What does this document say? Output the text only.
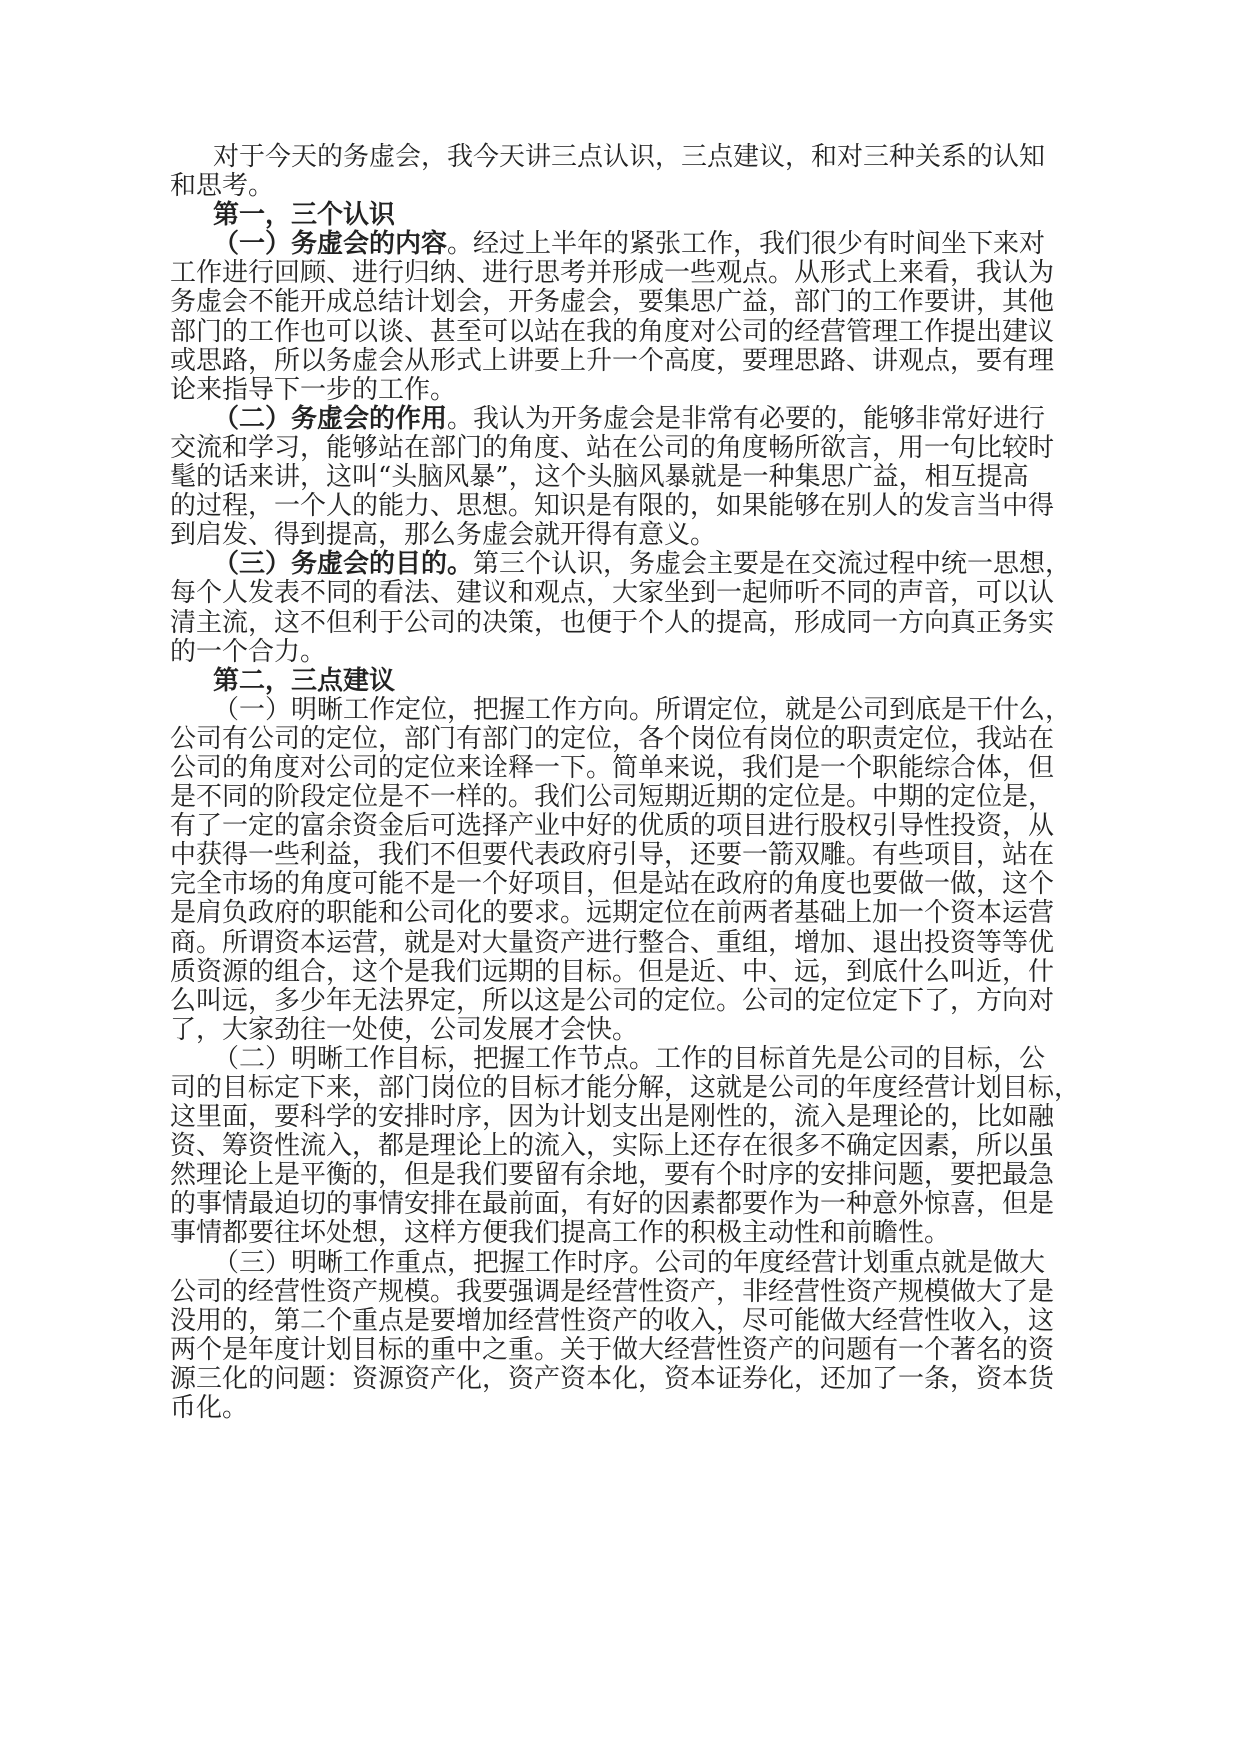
对于今天的务虚会，我今天讲三点认识，三点建议，和对三种关系的认知
和思考。
第一，三个认识
（一）务虚会的内容。经过上半年的紧张工作，我们很少有时间坐下来对
工作进行回顾、进行归纳、进行思考并形成一些观点。从形式上来看，我认为
务虚会不能开成总结计划会，开务虚会，要集思广益，部门的工作要讲，其他
部门的工作也可以谈、甚至可以站在我的角度对公司的经营管理工作提出建议
或思路，所以务虚会从形式上讲要上升一个高度，要理思路、讲观点，要有理
论来指导下一步的工作。
（二）务虚会的作用。我认为开务虚会是非常有必要的，能够非常好进行
交流和学习，能够站在部门的角度、站在公司的角度畅所欲言，用一句比较时
髦的话来讲，这叫“头脑风暴”，这个头脑风暴就是一种集思广益，相互提高
的过程，一个人的能力、思想。知识是有限的，如果能够在别人的发言当中得
到启发、得到提高，那么务虚会就开得有意义。
（三）务虚会的目的。第三个认识，务虚会主要是在交流过程中统一思想，
每个人发表不同的看法、建议和观点，大家坐到一起师听不同的声音，可以认
清主流，这不但利于公司的决策，也便于个人的提高，形成同一方向真正务实
的一个合力。
第二，三点建议
（一）明晰工作定位，把握工作方向。所谓定位，就是公司到底是干什么，
公司有公司的定位，部门有部门的定位，各个岗位有岗位的职责定位，我站在
公司的角度对公司的定位来诠释一下。简单来说，我们是一个职能综合体，但
是不同的阶段定位是不一样的。我们公司短期近期的定位是。中期的定位是，
有了一定的富余资金后可选择产业中好的优质的项目进行股权引导性投资，从
中获得一些利益，我们不但要代表政府引导，还要一箭双雕。有些项目，站在
完全市场的角度可能不是一个好项目，但是站在政府的角度也要做一做，这个
是肩负政府的职能和公司化的要求。远期定位在前两者基础上加一个资本运营
商。所谓资本运营，就是对大量资产进行整合、重组，增加、退出投资等等优
质资源的组合，这个是我们远期的目标。但是近、中、远，到底什么叫近，什
么叫远，多少年无法界定，所以这是公司的定位。公司的定位定下了，方向对
了，大家劲往一处使，公司发展才会快。
（二）明晰工作目标，把握工作节点。工作的目标首先是公司的目标，公
司的目标定下来，部门岗位的目标才能分解，这就是公司的年度经营计划目标，
这里面，要科学的安排时序，因为计划支出是刚性的，流入是理论的，比如融
资、筹资性流入，都是理论上的流入，实际上还存在很多不确定因素，所以虽
然理论上是平衡的，但是我们要留有余地，要有个时序的安排问题，要把最急
的事情最迫切的事情安排在最前面，有好的因素都要作为一种意外惊喜，但是
事情都要往坏处想，这样方便我们提高工作的积极主动性和前瞻性。
（三）明晰工作重点，把握工作时序。公司的年度经营计划重点就是做大
公司的经营性资产规模。我要强调是经营性资产，非经营性资产规模做大了是
没用的，第二个重点是要增加经营性资产的收入，尽可能做大经营性收入，这
两个是年度计划目标的重中之重。关于做大经营性资产的问题有一个著名的资
源三化的问题：资源资产化，资产资本化，资本证券化，还加了一条，资本货
币化。
